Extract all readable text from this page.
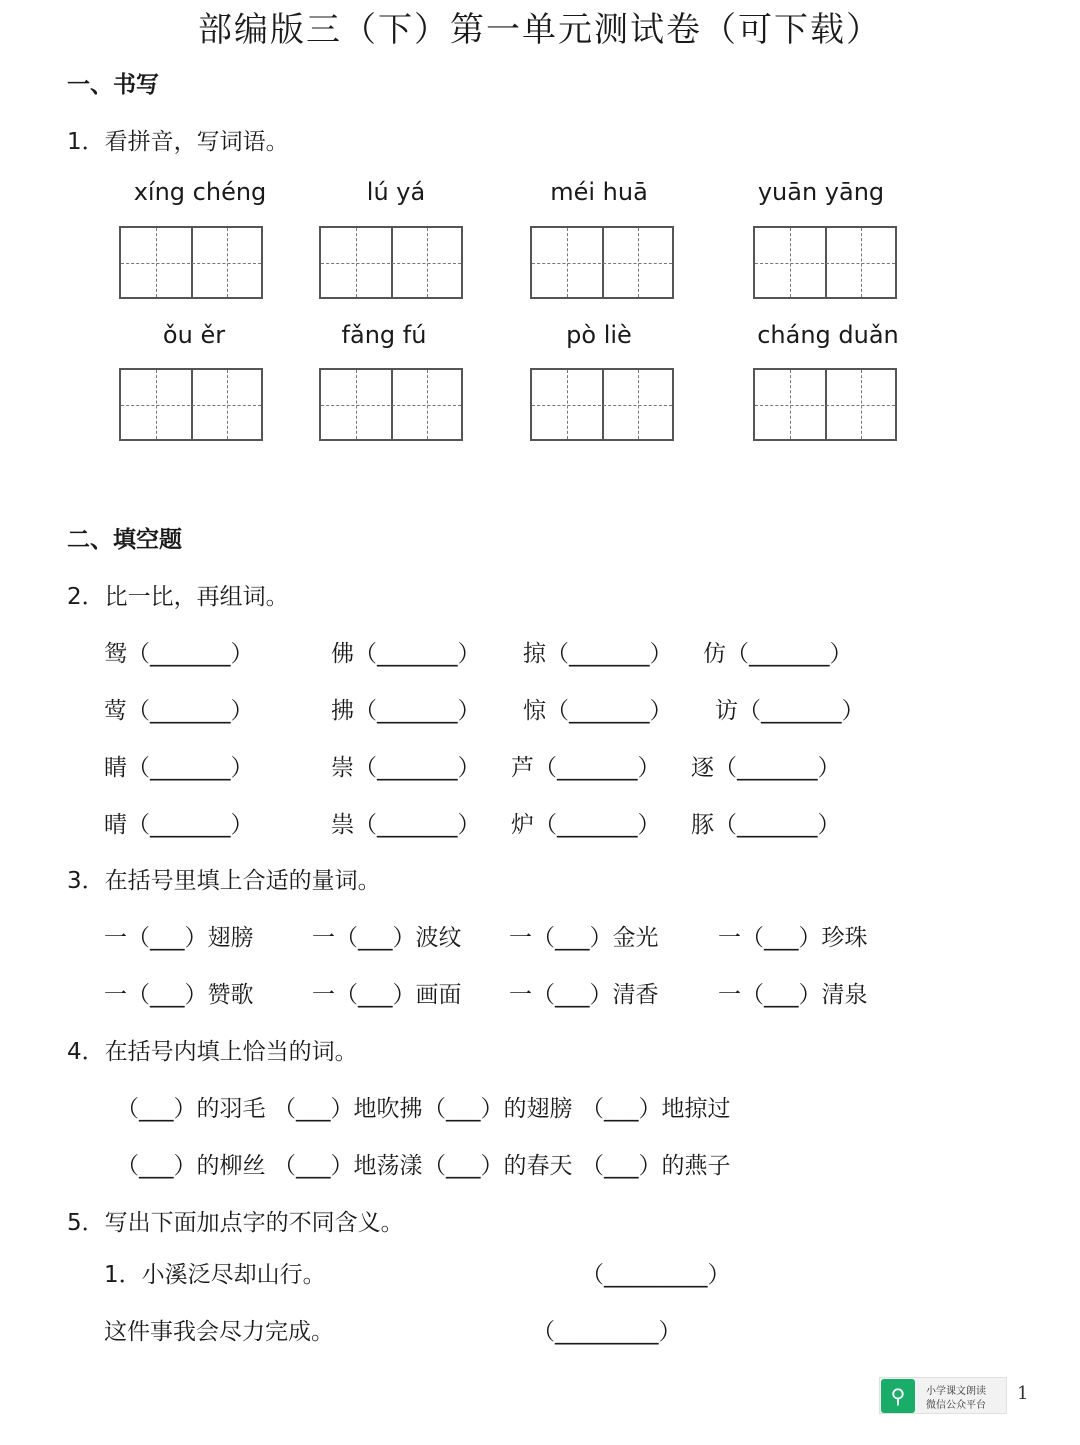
部编版三（下）第一单元测试卷（可下载）
一、书写
1．看拼音，写词语。
xíng chéng	lú yá	méi huā	yuān yāng
ǒu ěr	fǎng fú	pò liè	cháng duǎn
二、填空题
2．比一比，再组词。
鸳（_______）	佛（_______） 掠（_______） 仿（_______）
莺（_______）	拂（_______） 惊（_______） 访（_______）
睛（_______）	崇（_______） 芦（_______） 逐（_______）
晴（_______）	祟（_______） 炉（_______） 豚（_______）
3．在括号里填上合适的量词。
一（___）翅膀	一（___）波纹 一（___）金光	一（___）珍珠
一（___）赞歌	一（___）画面 一（___）清香	一（___）清泉
4．在括号内填上恰当的词。
（___）的羽毛 （___）地吹拂 （___）的翅膀 （___）地掠过
（___）的柳丝 （___）地荡漾 （___）的春天 （___）的燕子
5．写出下面加点字的不同含义。
1．小溪泛尽却山行。	（_________）
这件事我会尽力完成。	（_________）
⚲	小学课文朗读
微信公众平台
1
